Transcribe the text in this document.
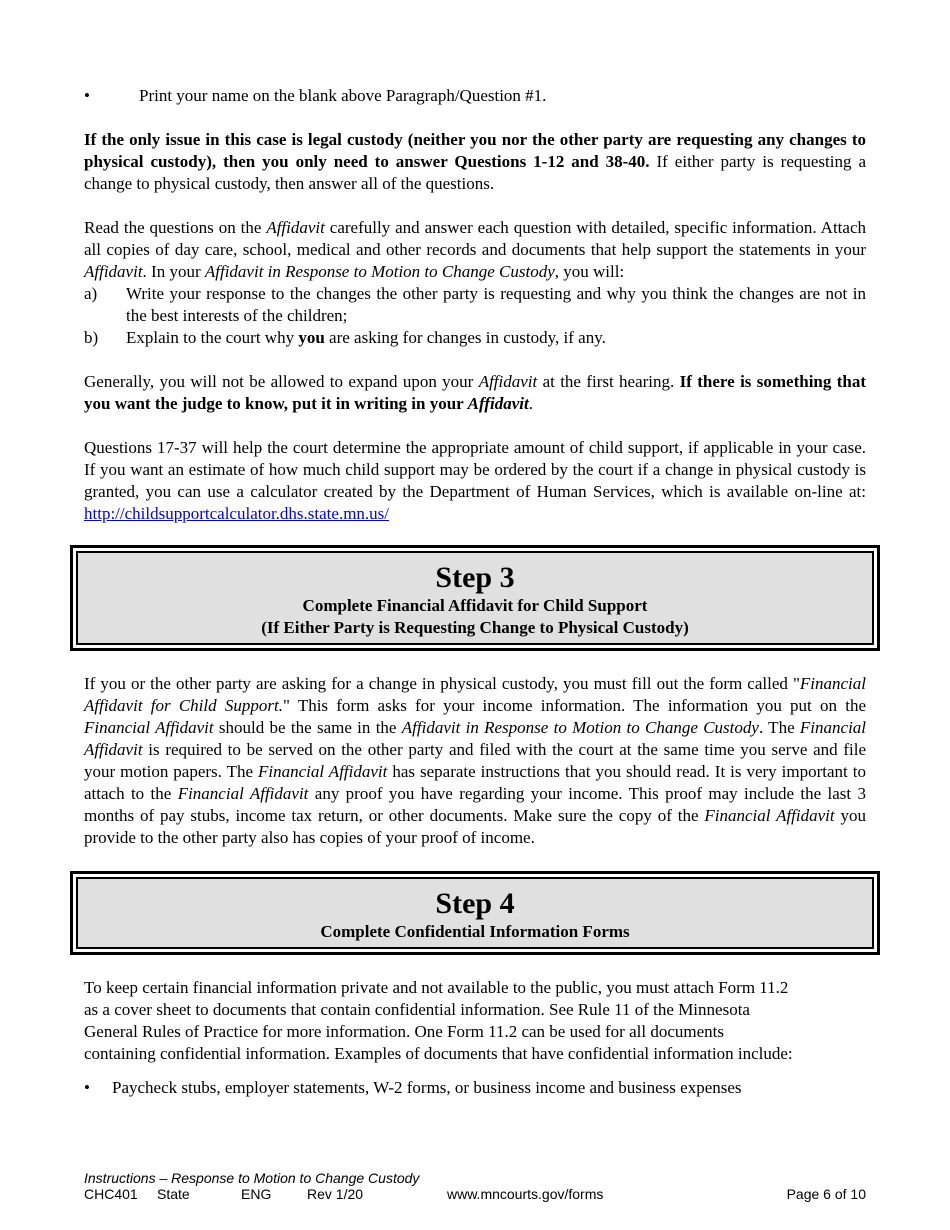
•	Print your name on the blank above Paragraph/Question #1.

If the only issue in this case is legal custody (neither you nor the other party are requesting any changes to physical custody), then you only need to answer Questions 1-12 and 38-40. If either party is requesting a change to physical custody, then answer all of the questions.

Read the questions on the Affidavit carefully and answer each question with detailed, specific information. Attach all copies of day care, school, medical and other records and documents that help support the statements in your Affidavit. In your Affidavit in Response to Motion to Change Custody, you will:

a)	Write your response to the changes the other party is requesting and why you think the changes are not in the best interests of the children;
b)	Explain to the court why you are asking for changes in custody, if any.

Generally, you will not be allowed to expand upon your Affidavit at the first hearing. If there is something that you want the judge to know, put it in writing in your Affidavit.

Questions 17-37 will help the court determine the appropriate amount of child support, if applicable in your case. If you want an estimate of how much child support may be ordered by the court if a change in physical custody is granted, you can use a calculator created by the Department of Human Services, which is available on-line at: http://childsupportcalculator.dhs.state.mn.us/

Step 3
Complete Financial Affidavit for Child Support
(If Either Party is Requesting Change to Physical Custody)

If you or the other party are asking for a change in physical custody, you must fill out the form called "Financial Affidavit for Child Support." This form asks for your income information. The information you put on the Financial Affidavit should be the same in the Affidavit in Response to Motion to Change Custody. The Financial Affidavit is required to be served on the other party and filed with the court at the same time you serve and file your motion papers. The Financial Affidavit has separate instructions that you should read. It is very important to attach to the Financial Affidavit any proof you have regarding your income. This proof may include the last 3 months of pay stubs, income tax return, or other documents. Make sure the copy of the Financial Affidavit you provide to the other party also has copies of your proof of income.

Step 4
Complete Confidential Information Forms

To keep certain financial information private and not available to the public, you must attach Form 11.2

as a cover sheet to documents that contain confidential information. See Rule 11 of the Minnesota

General Rules of Practice for more information. One Form 11.2 can be used for all documents

containing confidential information. Examples of documents that have confidential information include:

•	Paycheck stubs, employer statements, W-2 forms, or business income and business expenses
Instructions – Response to Motion to Change Custody
CHC401 State	ENG	Rev 1/20	www.mncourts.gov/forms	Page 6 of 10
